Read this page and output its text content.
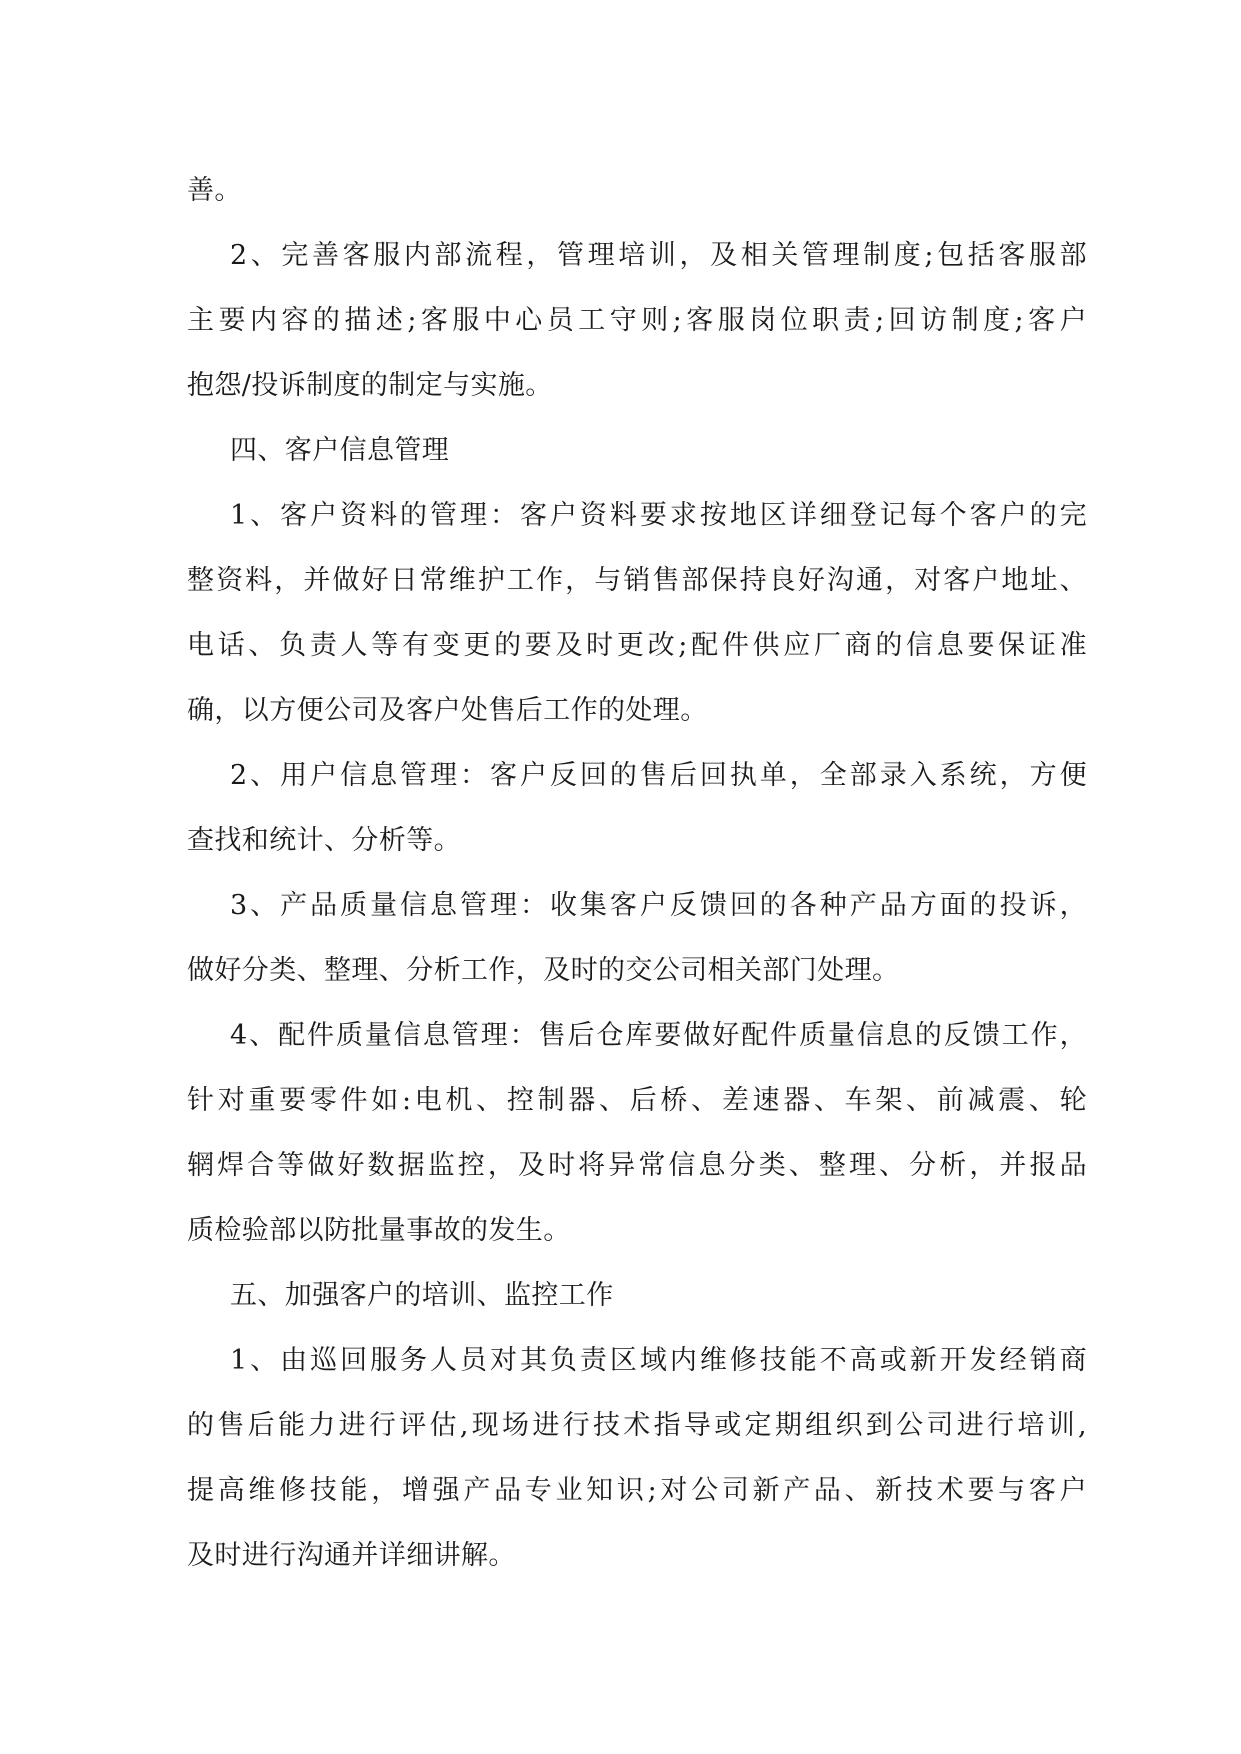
善。
2、完善客服内部流程，管理培训，及相关管理制度;包括客服部
主要内容的描述;客服中心员工守则;客服岗位职责;回访制度;客户
抱怨/投诉制度的制定与实施。
四、客户信息管理
1、客户资料的管理：客户资料要求按地区详细登记每个客户的完
整资料，并做好日常维护工作，与销售部保持良好沟通，对客户地址、
电话、负责人等有变更的要及时更改;配件供应厂商的信息要保证准
确，以方便公司及客户处售后工作的处理。
2、用户信息管理：客户反回的售后回执单，全部录入系统，方便
查找和统计、分析等。
3、产品质量信息管理：收集客户反馈回的各种产品方面的投诉，
做好分类、整理、分析工作，及时的交公司相关部门处理。
4、配件质量信息管理：售后仓库要做好配件质量信息的反馈工作，
针对重要零件如:电机、控制器、后桥、差速器、车架、前减震、轮
辋焊合等做好数据监控，及时将异常信息分类、整理、分析，并报品
质检验部以防批量事故的发生。
五、加强客户的培训、监控工作
1、由巡回服务人员对其负责区域内维修技能不高或新开发经销商
的售后能力进行评估,现场进行技术指导或定期组织到公司进行培训,
提高维修技能，增强产品专业知识;对公司新产品、新技术要与客户
及时进行沟通并详细讲解。
